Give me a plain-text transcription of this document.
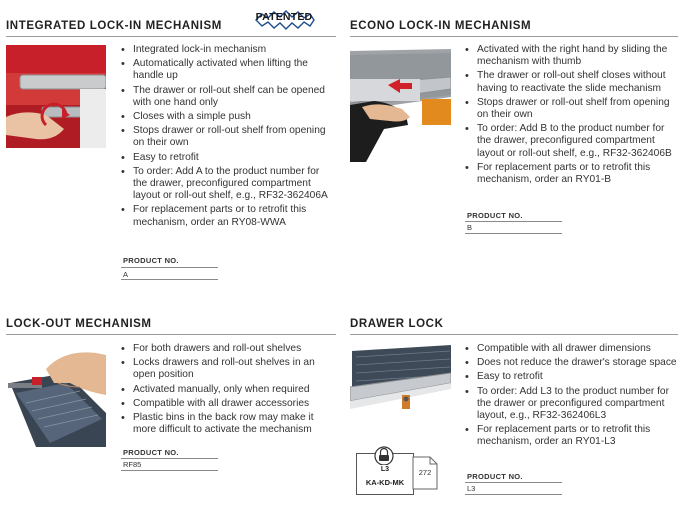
PATENTED
INTEGRATED LOCK-IN MECHANISM
• Integrated lock-in mechanism
• Automatically activated when lifting the handle up
• The drawer or roll-out shelf can be opened with one hand only
• Closes with a simple push
• Stops drawer or roll-out shelf from opening on their own
• Easy to retrofit
• To order: Add A to the product number for the drawer, preconfigured compartment layout or roll-out shelf, e.g., RF32-362406A
• For replacement parts or to retrofit this mechanism, order an RY08-WWA
PRODUCT NO.
A
ECONO LOCK-IN MECHANISM
• Activated with the right hand by sliding the mechanism with thumb
• The drawer or roll-out shelf closes without having to reactivate the slide mechanism
• Stops drawer or roll-out shelf from opening on their own
• To order: Add B to the product number for the drawer, preconfigured compartment layout or roll-out shelf, e.g., RF32-362406B
• For replacement parts or to retrofit this mechanism, order an RY01-B
PRODUCT NO.
B
LOCK-OUT MECHANISM
• For both drawers and roll-out shelves
• Locks drawers and roll-out shelves in an open position
• Activated manually, only when required
• Compatible with all drawer accessories
• Plastic bins in the back row may make it more difficult to activate the mechanism
PRODUCT NO.
RF85
DRAWER LOCK
• Compatible with all drawer dimensions
• Does not reduce the drawer's storage space
• Easy to retrofit
• To order: Add L3 to the product number for the drawer or preconfigured compartment layout, e.g., RF32-362406L3
• For replacement parts or to retrofit this mechanism, order an RY01-L3
L3
KA-KD-MK
272	PRODUCT NO.
L3
